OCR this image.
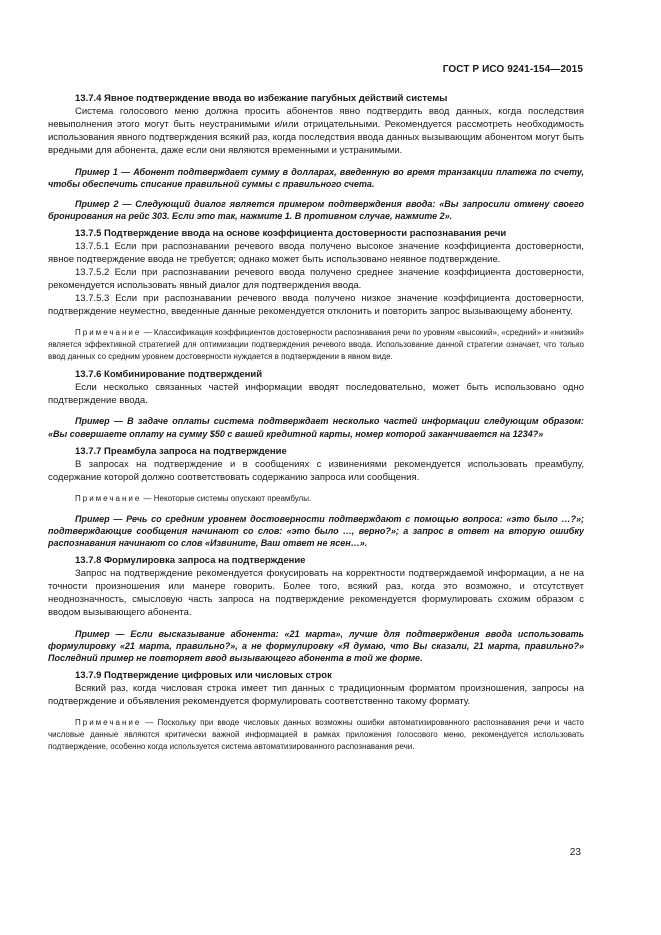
ГОСТ Р ИСО 9241-154—2015

13.7.4 Явное подтверждение ввода во избежание пагубных действий системы

Система голосового меню должна просить абонентов явно подтвердить ввод данных, когда последствия невыполнения этого могут быть неустранимыми и/или отрицательными. Рекомендуется рассмотреть необходимость использования явного подтверждения всякий раз, когда последствия ввода данных вызывающим абонентом могут быть вредными для абонента, даже если они являются временными и устранимыми.

Пример 1 — Абонент подтверждает сумму в долларах, введенную во время транзакции платежа по счету, чтобы обеспечить списание правильной суммы с правильного счета.

Пример 2 — Следующий диалог является примером подтверждения ввода: «Вы запросили отмену своего бронирования на рейс 303. Если это так, нажмите 1. В противном случае, нажмите 2».

13.7.5 Подтверждение ввода на основе коэффициента достоверности распознавания речи

13.7.5.1 Если при распознавании речевого ввода получено высокое значение коэффициента достоверности, явное подтверждение ввода не требуется; однако может быть использовано неявное подтверждение.

13.7.5.2 Если при распознавании речевого ввода получено среднее значение коэффициента достоверности, рекомендуется использовать явный диалог для подтверждения ввода.

13.7.5.3 Если при распознавании речевого ввода получено низкое значение коэффициента достоверности, подтверждение неуместно, введенные данные рекомендуется отклонить и повторить запрос вызывающему абоненту.

Примечание — Классификация коэффициентов достоверности распознавания речи по уровням «высокий», «средний» и «низкий» является эффективной стратегией для оптимизации подтверждения речевого ввода. Использование данной стратегии означает, что только ввод данных со средним уровнем достоверности нуждается в подтверждении в явном виде.

13.7.6 Комбинирование подтверждений

Если несколько связанных частей информации вводят последовательно, может быть использовано одно подтверждение ввода.

Пример — В задаче оплаты система подтверждает несколько частей информации следующим образом: «Вы совершаете оплату на сумму $50 с вашей кредитной карты, номер которой заканчивается на 1234?»

13.7.7 Преамбула запроса на подтверждение

В запросах на подтверждение и в сообщениях с извинениями рекомендуется использовать преамбулу, содержание которой должно соответствовать содержанию запроса или сообщения.

Примечание — Некоторые системы опускают преамбулы.

Пример — Речь со средним уровнем достоверности подтверждают с помощью вопроса: «это было …?»; подтверждающие сообщения начинают со слов: «это было …, верно?»; а запрос в ответ на вторую ошибку распознавания начинают со слов «Извините, Ваш ответ не ясен…».

13.7.8 Формулировка запроса на подтверждение

Запрос на подтверждение рекомендуется фокусировать на корректности подтверждаемой информации, а не на точности произношения или манере говорить. Более того, всякий раз, когда это возможно, и отсутствует неоднозначность, смысловую часть запроса на подтверждение рекомендуется формулировать схожим образом с вводом вызывающего абонента.

Пример — Если высказывание абонента: «21 марта», лучше для подтверждения ввода использовать формулировку «21 марта, правильно?», а не формулировку «Я думаю, что Вы сказали, 21 марта, правильно?» Последний пример не повторяет ввод вызывающего абонента в той же форме.

13.7.9 Подтверждение цифровых или числовых строк

Всякий раз, когда числовая строка имеет тип данных с традиционным форматом произношения, запросы на подтверждение и объявления рекомендуется формулировать соответственно такому формату.

Примечание — Поскольку при вводе числовых данных возможны ошибки автоматизированного распознавания речи и часто числовые данные являются критически важной информацией в рамках приложения голосового меню, рекомендуется использовать подтверждение, особенно когда используется система автоматизированного распознавания речи.

23
